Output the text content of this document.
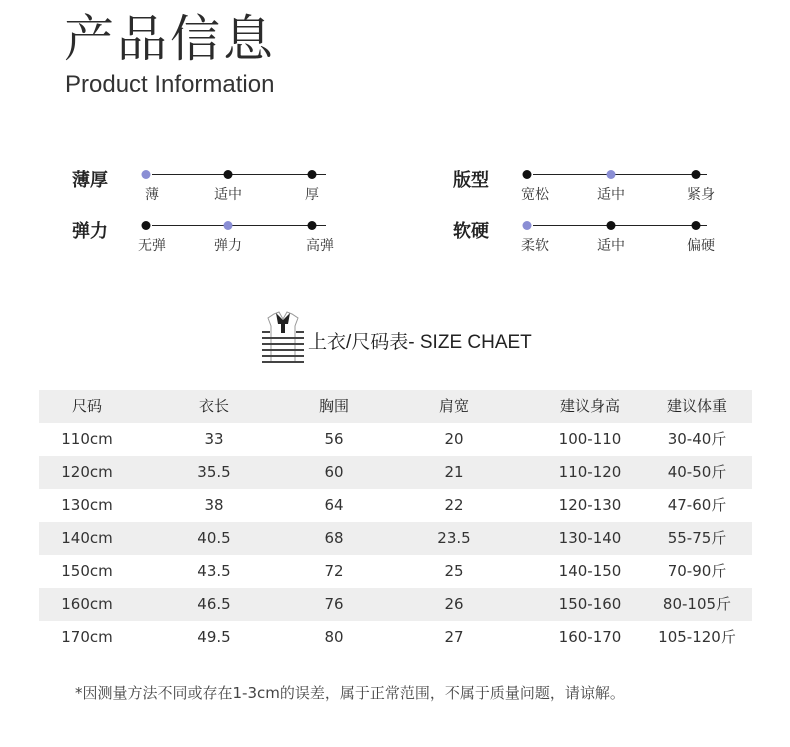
产品信息
Product Information
薄厚
薄	适中	厚
版型
宽松	适中	紧身
弹力
无弹	弹力	高弹
软硬
柔软	适中	偏硬
上衣/尺码表- SIZE CHAET
尺码	衣长	胸围	肩宽	建议身高	建议体重
110cm	33	56	20	100-110	30-40斤
120cm	35.5	60	21	110-120	40-50斤
130cm	38	64	22	120-130	47-60斤
140cm	40.5	68	23.5	130-140	55-75斤
150cm	43.5	72	25	140-150	70-90斤
160cm	46.5	76	26	150-160	80-105斤
170cm	49.5	80	27	160-170 105-120斤
*因测量方法不同或存在1-3cm的误差，属于正常范围，不属于质量问题，请谅解。
